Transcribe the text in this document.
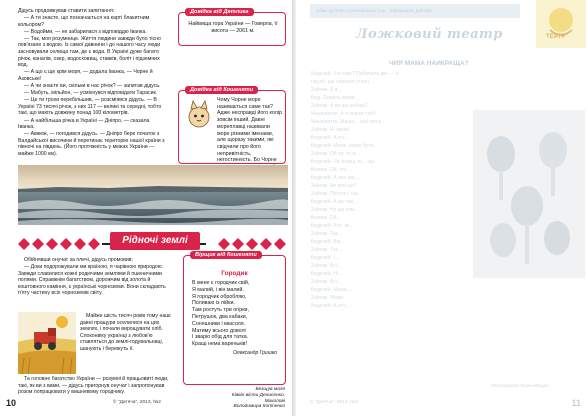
Дідусь продовжував ставити запитання:

— А ти знаєте, що позначається на карті блакитним кольором?

— Водойми, — не забарилася з відповіддю Іванка.

— Так, моя розумнице. Життя людини завжди було тісно пов'язане з водою. Із самої давнини і до нашого часу люди засновували селища там, де є вода. В Україні дуже багато річок, каналів, озер, водосховищ, ставків, боліт і підземних вод.

— А що є ще крім моря, — додала Іванка, — Чорне й Азовське!

— А чи знаєте ви, скільки в нас річок? — запитав дідусь.

— Мабуть, мільйон, — усміхнувся відповідати Тарасик.

— Це ти трохи перебільшив, — розсміявся дідусь. — В Україні 73 тисячі річок, з них 117 — великі та середні, тобто такі, що мають довжину понад 100 кілометрів.

— А найбільша річка в Україні — Дніпро, — сказала Іванка.

— Авжеж, — погодився дідусь. — Дніпро бере початок з Валдайської височини й перетинає територію нашої країни з півночі на південь. (Його протяжність у межах України — майже 1000 км).

Довідка від Дятлика
Найвища гора України — Говерла, її висота — 2061 м.
Довідка від Кошеняти
Чому Чорне море називається саме так? Адже несправді його колір зовсім інший. Давні мореплавці називали море різними іменами, але щоразу такими, які свідчили про його непривітність, негостинність. Бо Чорне
Рідночі землі

Обійнявши онучат за плечі, дідусь промовив:

— Доки подорожували ми країною, я чарівною природою. Завжди славилися кожні родючими землями й пшеничними полями. Справжнім багатством, дорожчим від золота й коштовного каміння, є українські чорноземи. Вони складають п'яту частину всіх чорноземів світу.

Майже шість тисяч років тому наші давні пращури оселилися на цих землях, і почали вирощувати хліб. Споконвіку українці з любов'ю ставляться до землі-годувальниці, шанують і бережуть її.

Та головне багатство України — розумні й працьовиті люди, такі, як ви з вами, — дідусь пригорнув онучат і запропонував розом попрацювати у вишневому городчику.

Вірщик від Кошеняти
Городик
В мене є городчик свій,
Я малий, і він малий.
Я городчик обробляю,
Поливаю із лійки.
Там ростуть три огірки,
Петрушок, два кабаки,
Соняшники і квасоля.
Матиму всього доволі
І зварю обід для татка.
Кращі нема вареньків!
Олександр Гришко
Безщув маля
Ківвін вісти Денисенко,
Миколові
Володимира Коптенко
10	© "Дитяча", 2013, №2
Семь дитячих розвивальних ігор · Інформація для вас
ТЕАТР
Ложковий театр
ЧИЯ МАМА НАЙКРАЩА?
Ведучий. Хто має? Побачили дві — ні
нікулії, що нарешті стало...
Зайчик. А я...
Вед. Скажіть мами.
Зайчик. А ви що робиш?
Мишенятко. А я ловлю тобі!
Мишенятко, Миша... такі чесні...
Зайчик. Я також!
Ведучий. А я є...
Ведучий. Може, може бути...
Зайчик. Ой ти, то ж...
Ведучий. Чи знаєш ти... що...
Вовчик. Ой, хто...
Ведучий. А про вас...
Зайчик. Ви про що?
Зайчик. Просто і так...
Ведучий. А ви такі...
Зайчик. Ну що там...
Вовчик. Ой...
Ведучий. Хто, як...
Зайчик. Так...
Ведучий. Він...
Зайчик. Так...
Ведучий. І...
Зайчик. Всі...
Ведучий. Ні...
Зайчик. Всі...
Ведучий. Мама...
Зайчик. Мама...
Ведучий. А хто...
Підготувала Ліана Місюра
© "Дитяча", 2013, №2	11
